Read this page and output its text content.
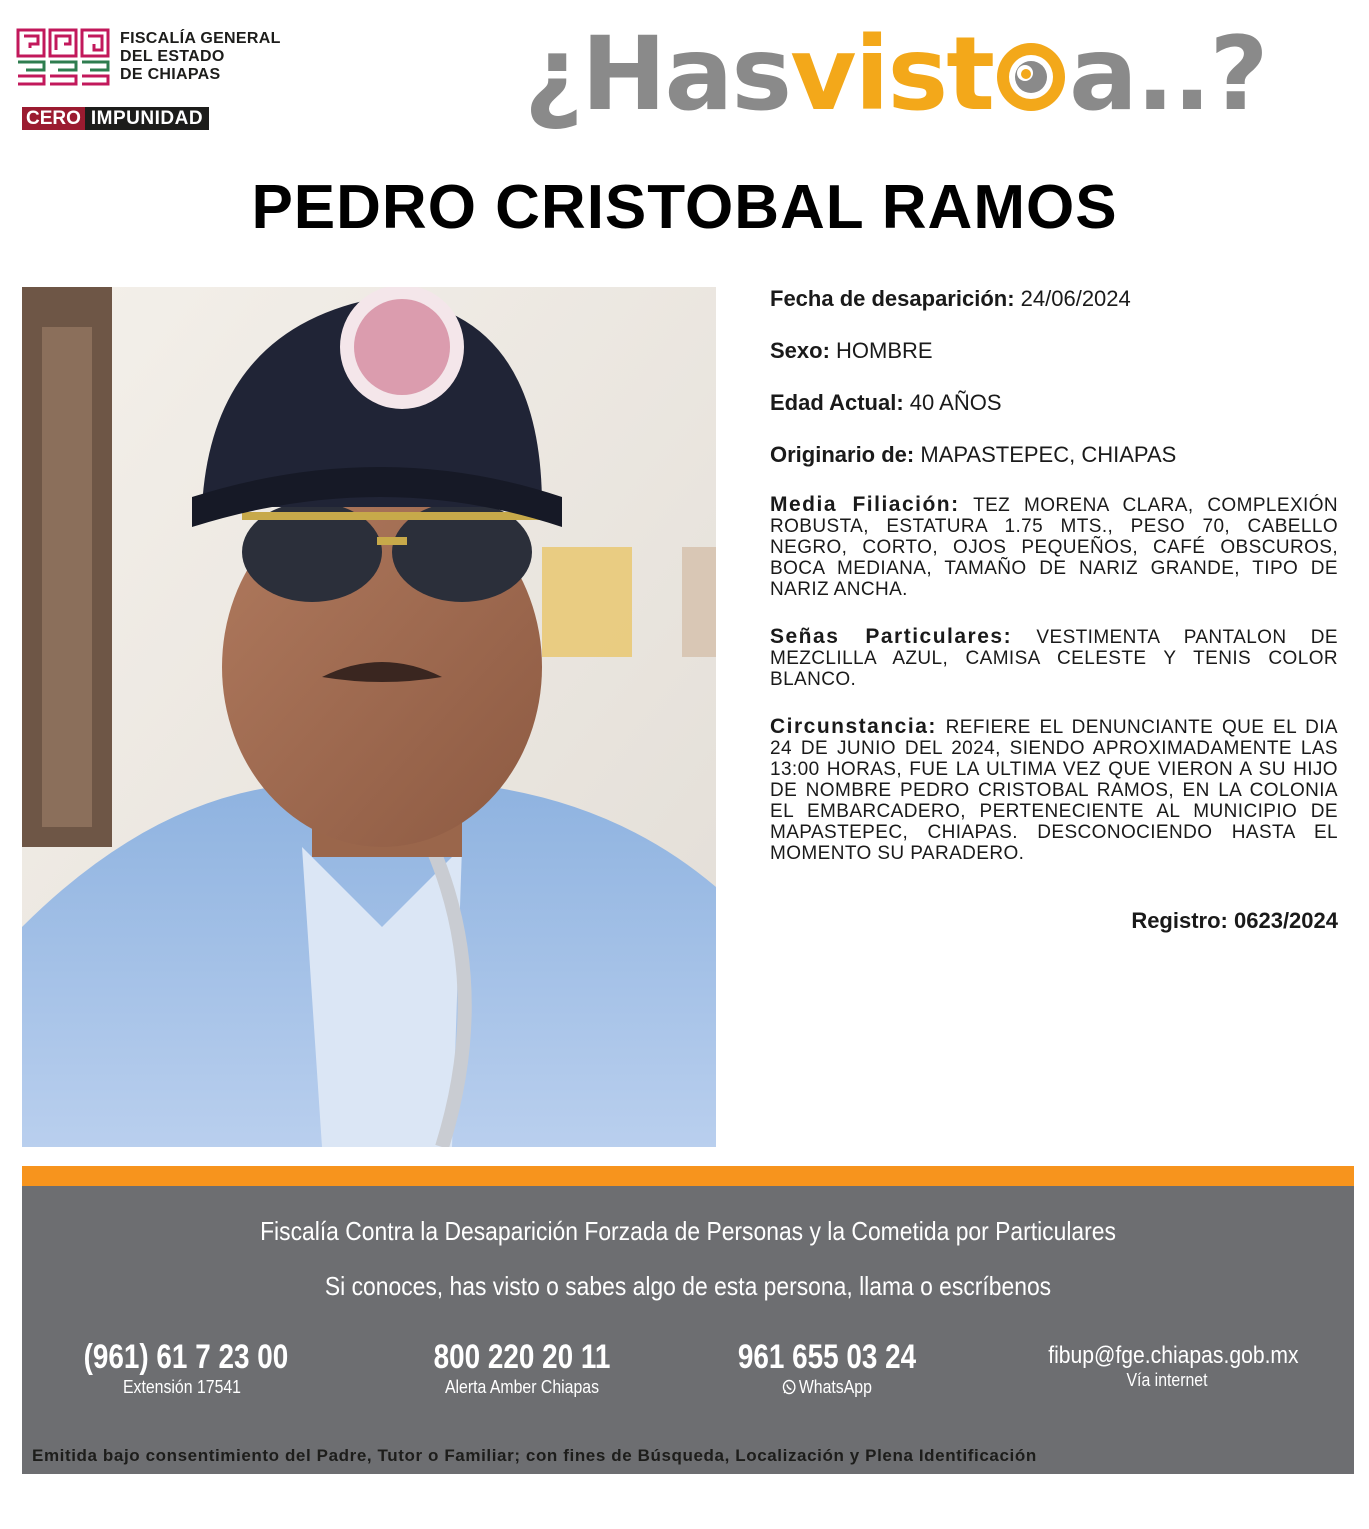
FISCALÍA GENERAL
DEL ESTADO
DE CHIAPAS
CERO IMPUNIDAD	¿Hasvist a..?
PEDRO CRISTOBAL RAMOS

Fecha de desaparición: 24/06/2024

Sexo: HOMBRE

Edad Actual: 40 AÑOS

Originario de: MAPASTEPEC, CHIAPAS

Media Filiación: TEZ MORENA CLARA, COMPLEXIÓN ROBUSTA, ESTATURA 1.75 MTS., PESO 70, CABELLO NEGRO, CORTO, OJOS PEQUEÑOS, CAFÉ OBSCUROS, BOCA MEDIANA, TAMAÑO DE NARIZ GRANDE, TIPO DE NARIZ ANCHA.

Señas Particulares: VESTIMENTA PANTALON DE MEZCLILLA AZUL, CAMISA CELESTE Y TENIS COLOR BLANCO.

Circunstancia: REFIERE EL DENUNCIANTE QUE EL DIA 24 DE JUNIO DEL 2024, SIENDO APROXIMADAMENTE LAS 13:00 HORAS, FUE LA ULTIMA VEZ QUE VIERON A SU HIJO DE NOMBRE PEDRO CRISTOBAL RAMOS, EN LA COLONIA EL EMBARCADERO, PERTENECIENTE AL MUNICIPIO DE MAPASTEPEC, CHIAPAS. DESCONOCIENDO HASTA EL MOMENTO SU PARADERO.

Registro: 0623/2024

Fiscalía Contra la Desaparición Forzada de Personas y la Cometida por Particulares
Si conoces, has visto o sabes algo de esta persona, llama o escríbenos
(961) 61 7 23 00
Extensión 17541
800 220 20 11
Alerta Amber Chiapas
961 655 03 24
WhatsApp
fibup@fge.chiapas.gob.mx
Vía internet
Emitida bajo consentimiento del Padre, Tutor o Familiar; con fines de Búsqueda, Localización y Plena Identificación
